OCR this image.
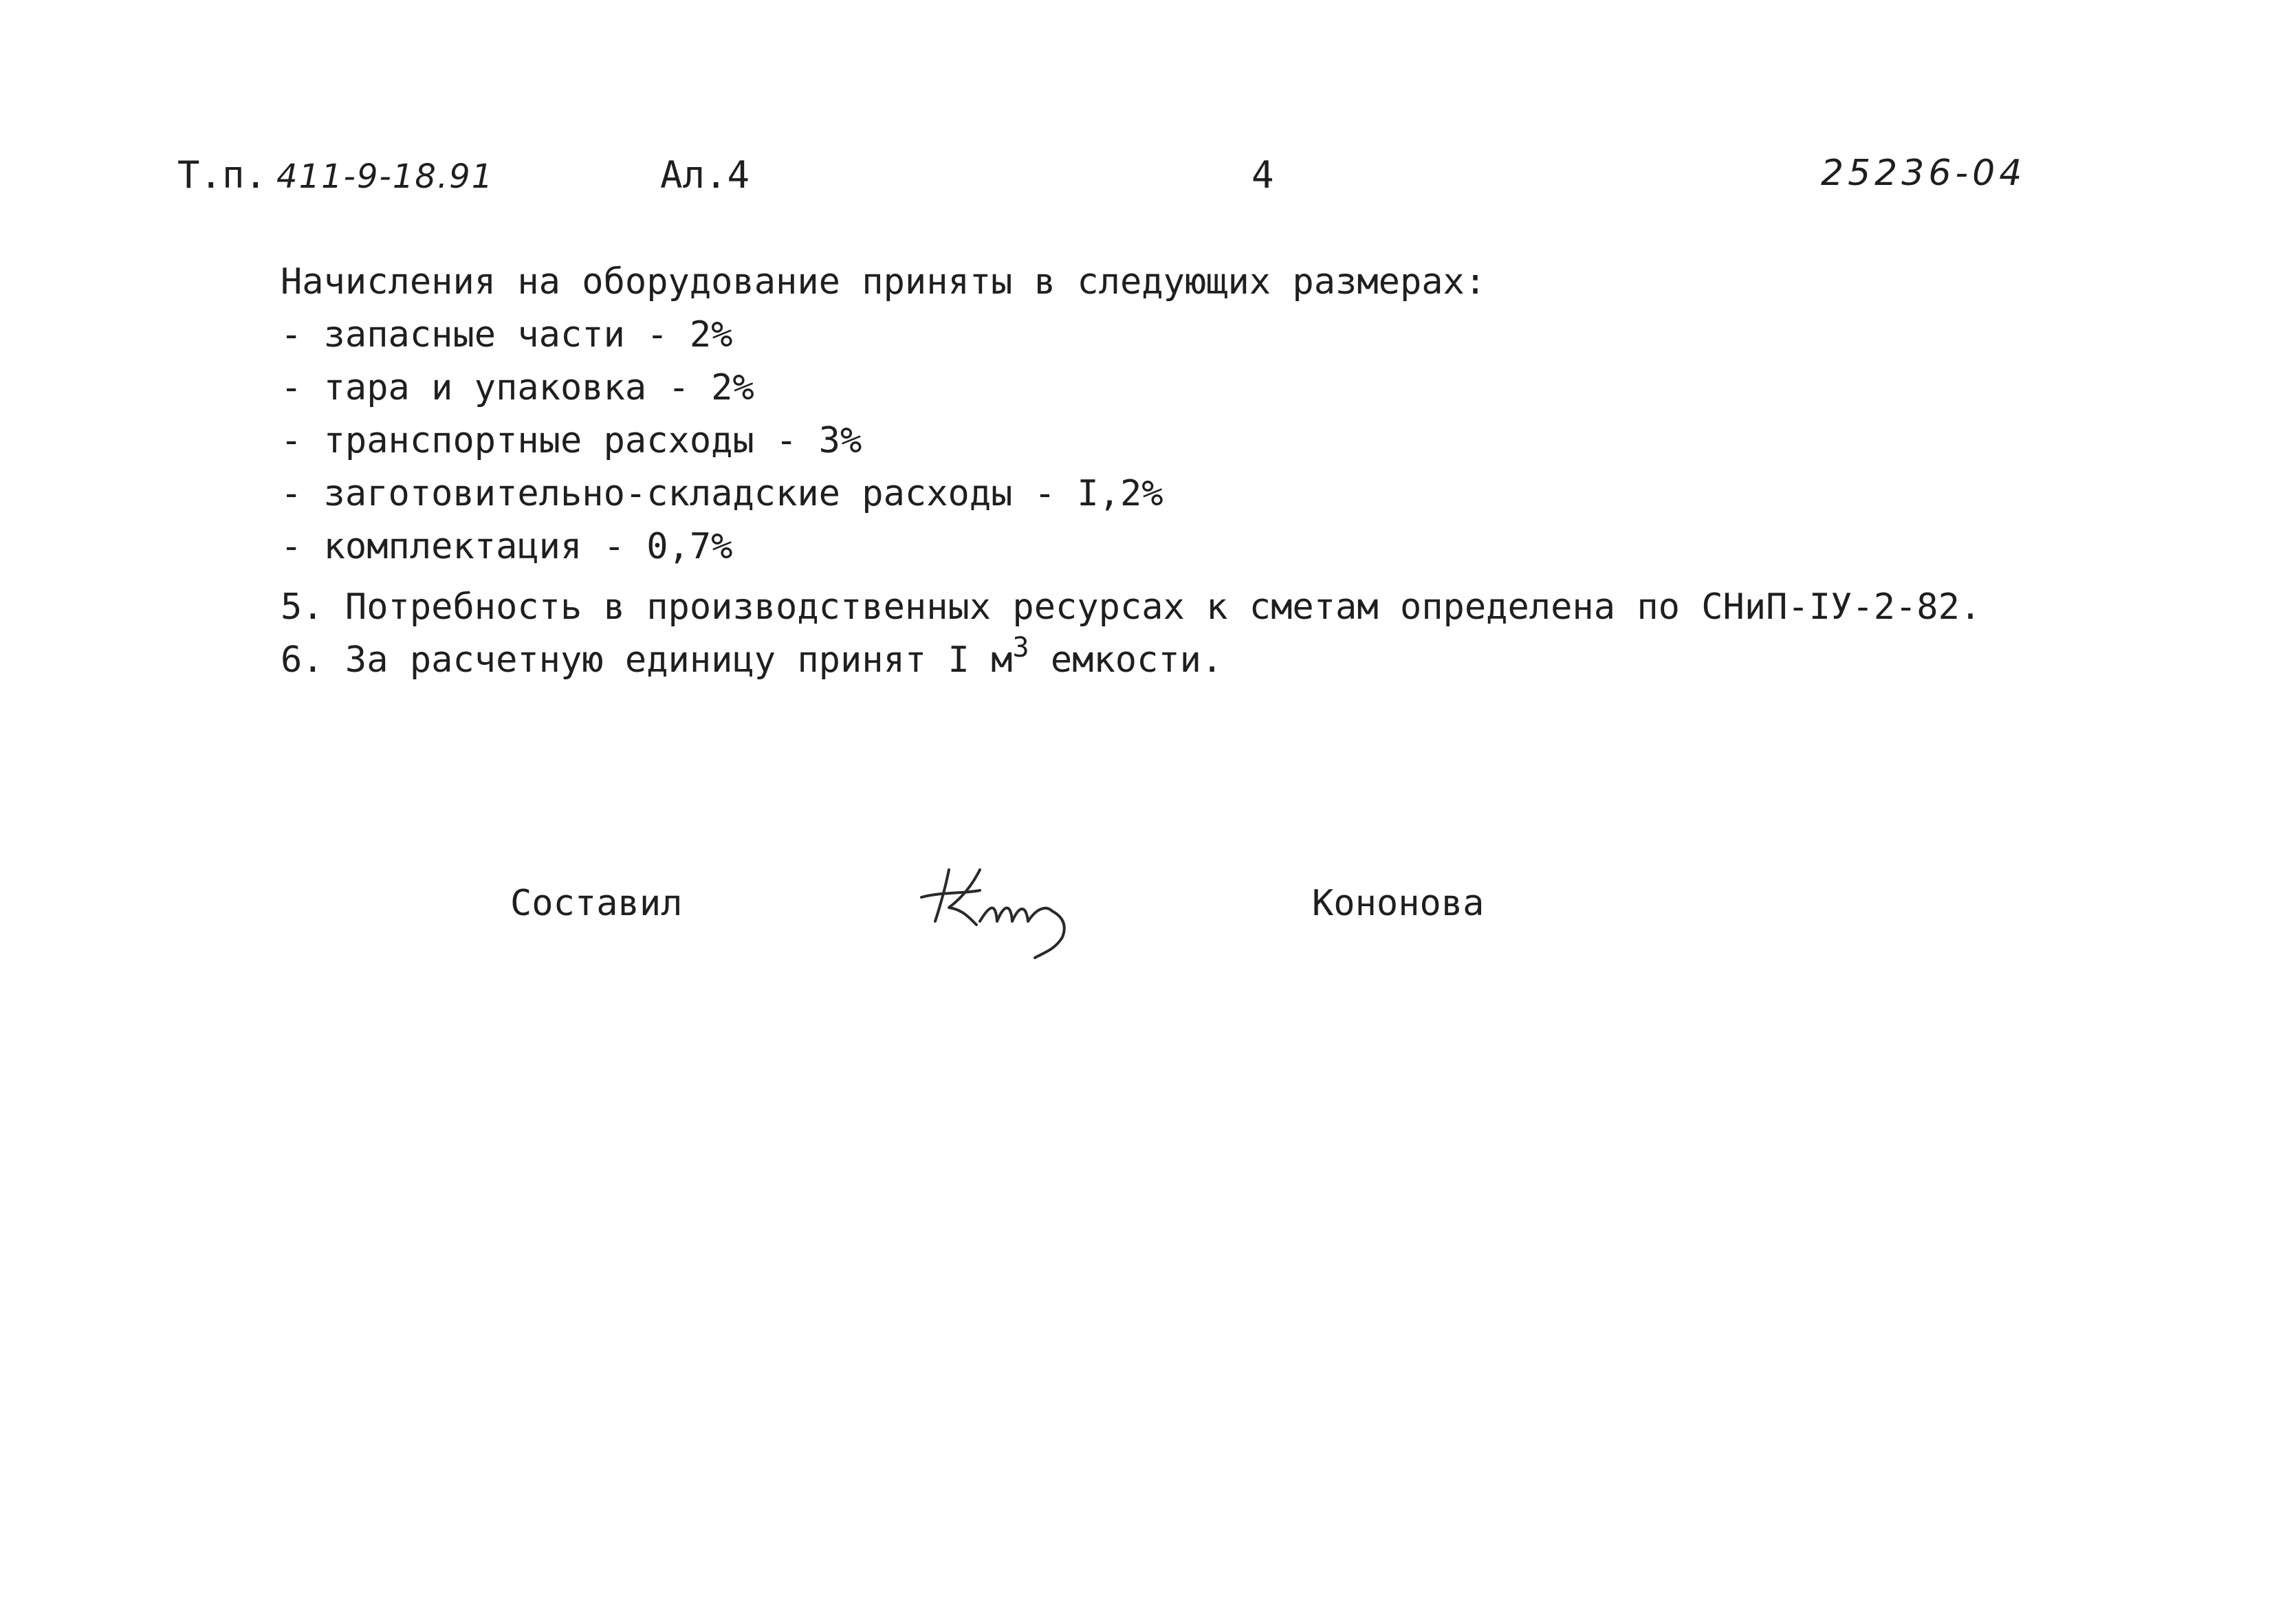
Т.п. 411-9-18.91	Ал.4	4	25236-04
Начисления на оборудование приняты в следующих размерах:
- запасные части - 2%
- тара и упаковка - 2%
- транспортные расходы - 3%
- заготовительно-складские расходы - I,2%
- комплектация - 0,7%
5. Потребность в производственных ресурсах к сметам определена по СНиП-IУ-2-82.
6. За расчетную единицу принят I $м^3$ емкости.
Составил	Кононова
